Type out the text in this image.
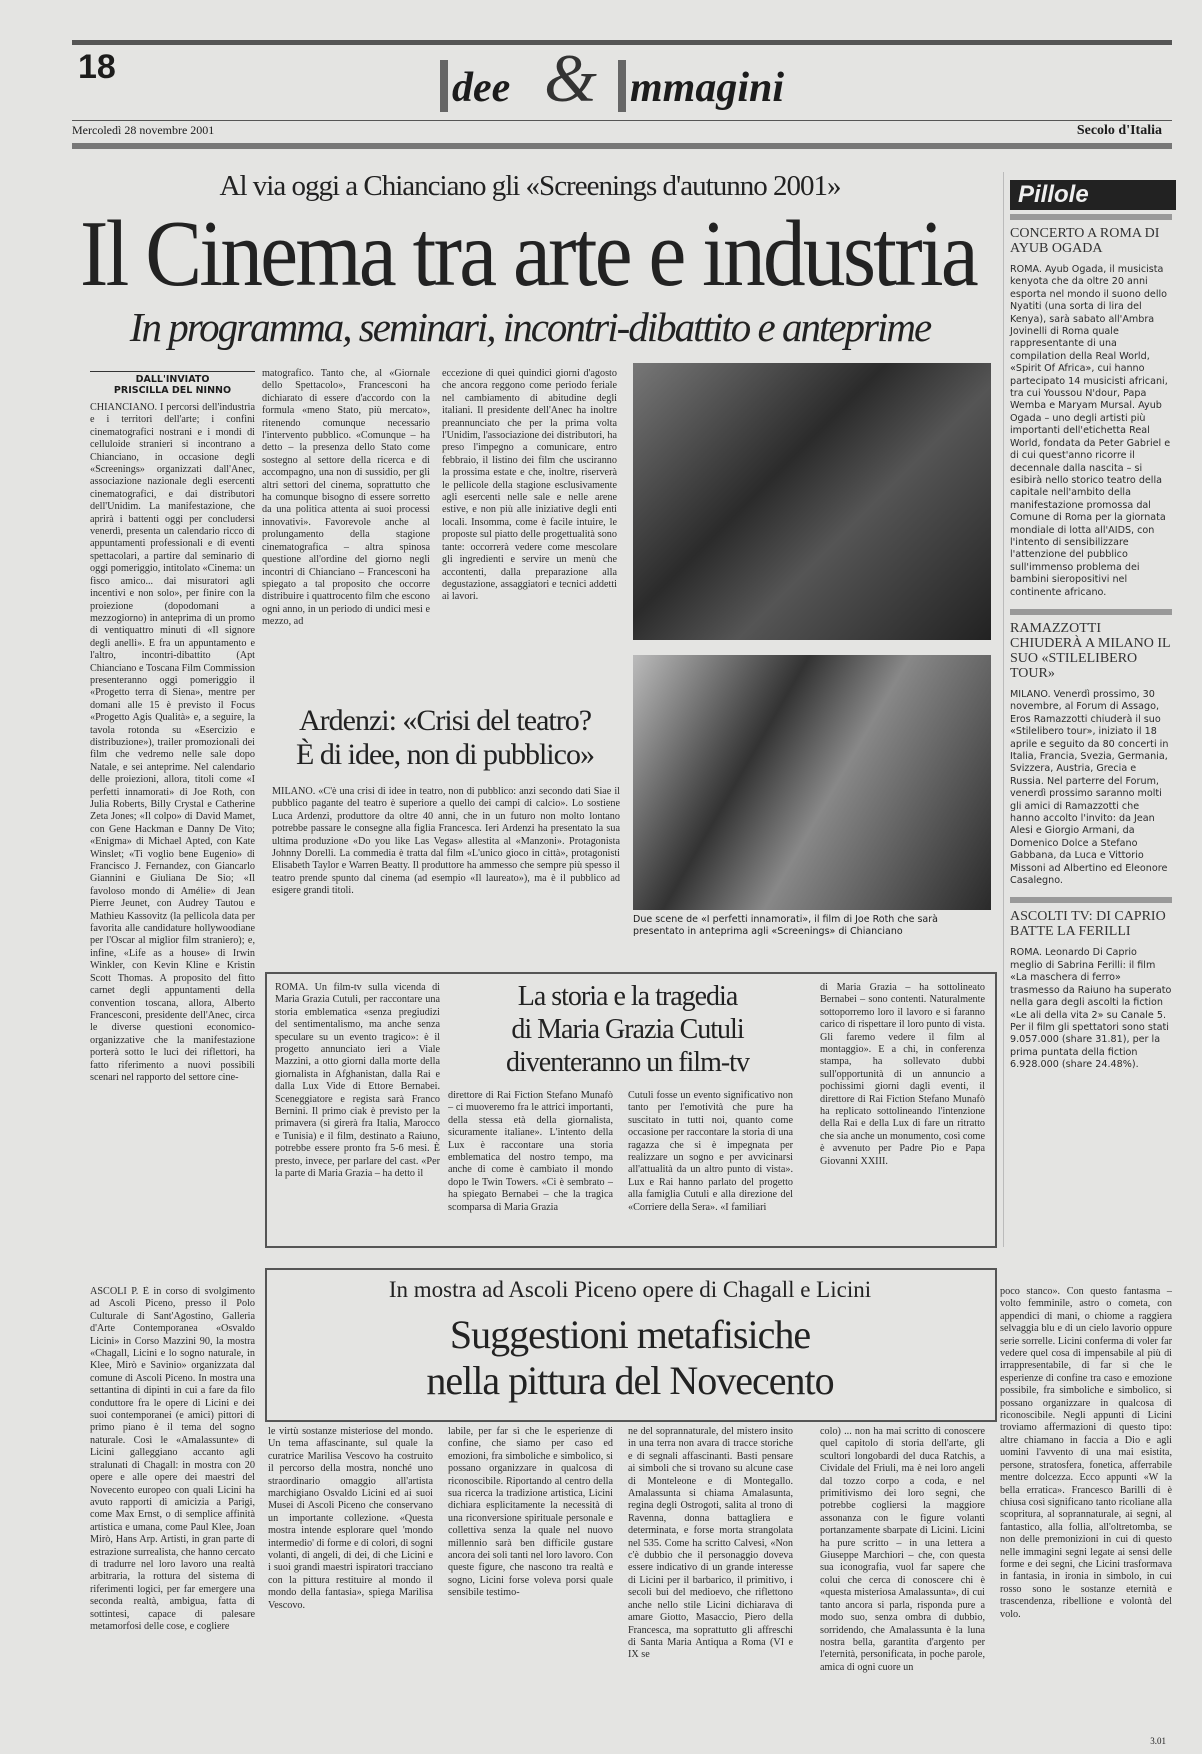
18	dee & mmagini
Mercoledì 28 novembre 2001	Secolo d'Italia
Al via oggi a Chianciano gli «Screenings d'autunno 2001»
Il Cinema tra arte e industria
In programma, seminari, incontri-dibattito e anteprime
DALL'INVIATO
PRISCILLA DEL NINNO
CHIANCIANO. I percorsi dell'industria e i territori dell'arte; i confini cinematografici nostrani e i mondi di celluloide stranieri si incontrano a Chianciano, in occasione degli «Screenings» organizzati dall'Anec, associazione nazionale degli esercenti cinematografici, e dai distributori dell'Unidim. La manifestazione, che aprirà i battenti oggi per concludersi venerdì, presenta un calendario ricco di appuntamenti professionali e di eventi spettacolari, a partire dal seminario di oggi pomeriggio, intitolato «Cinema: un fisco amico... dai misuratori agli incentivi e non solo», per finire con la proiezione (dopodomani a mezzogiorno) in anteprima di un promo di ventiquattro minuti di «Il signore degli anelli». E fra un appuntamento e l'altro, incontri-dibattito (Apt Chianciano e Toscana Film Commission presenteranno oggi pomeriggio il «Progetto terra di Siena», mentre per domani alle 15 è previsto il Focus «Progetto Agis Qualità» e, a seguire, la tavola rotonda su «Esercizio e distribuzione»), trailer promozionali dei film che vedremo nelle sale dopo Natale, e sei anteprime. Nel calendario delle proiezioni, allora, titoli come «I perfetti innamorati» di Joe Roth, con Julia Roberts, Billy Crystal e Catherine Zeta Jones; «Il colpo» di David Mamet, con Gene Hackman e Danny De Vito; «Enigma» di Michael Apted, con Kate Winslet; «Ti voglio bene Eugenio» di Francisco J. Fernandez, con Giancarlo Giannini e Giuliana De Sio; «Il favoloso mondo di Amélie» di Jean Pierre Jeunet, con Audrey Tautou e Mathieu Kassovitz (la pellicola data per favorita alle candidature hollywoodiane per l'Oscar al miglior film straniero); e, infine, «Life as a house» di Irwin Winkler, con Kevin Kline e Kristin Scott Thomas. A proposito del fitto carnet degli appuntamenti della convention toscana, allora, Alberto Francesconi, presidente dell'Anec, circa le diverse questioni economico-organizzative che la manifestazione porterà sotto le luci dei riflettori, ha fatto riferimento a nuovi possibili scenari nel rapporto del settore cine-
matografico. Tanto che, al «Giornale dello Spettacolo», Francesconi ha dichiarato di essere d'accordo con la formula «meno Stato, più mercato», ritenendo comunque necessario l'intervento pubblico. «Comunque – ha detto – la presenza dello Stato come sostegno al settore della ricerca e di accompagno, una non di sussidio, per gli altri settori del cinema, soprattutto che ha comunque bisogno di essere sorretto da una politica attenta ai suoi processi innovativi». Favorevole anche al prolungamento della stagione cinematografica – altra spinosa questione all'ordine del giorno negli incontri di Chianciano – Francesconi ha spiegato a tal proposito che occorre distribuire i quattrocento film che escono ogni anno, in un periodo di undici mesi e mezzo, ad
eccezione di quei quindici giorni d'agosto che ancora reggono come periodo feriale nel cambiamento di abitudine degli italiani. Il presidente dell'Anec ha inoltre preannunciato che per la prima volta l'Unidim, l'associazione dei distributori, ha preso l'impegno a comunicare, entro febbraio, il listino dei film che usciranno la prossima estate e che, inoltre, riserverà le pellicole della stagione esclusivamente agli esercenti nelle sale e nelle arene estive, e non più alle iniziative degli enti locali. Insomma, come è facile intuire, le proposte sul piatto delle progettualità sono tante: occorrerà vedere come mescolare gli ingredienti e servire un menù che accontenti, dalla preparazione alla degustazione, assaggiatori e tecnici addetti ai lavori.
Due scene de «I perfetti innamorati», il film di Joe Roth che sarà presentato in anteprima agli «Screenings» di Chianciano
Ardenzi: «Crisi del teatro?
È di idee, non di pubblico»
MILANO. «C'è una crisi di idee in teatro, non di pubblico: anzi secondo dati Siae il pubblico pagante del teatro è superiore a quello dei campi di calcio». Lo sostiene Luca Ardenzi, produttore da oltre 40 anni, che in un futuro non molto lontano potrebbe passare le consegne alla figlia Francesca. Ieri Ardenzi ha presentato la sua ultima produzione «Do you like Las Vegas» allestita al «Manzoni». Protagonista Johnny Dorelli. La commedia è tratta dal film «L'unico gioco in città», protagonisti Elisabeth Taylor e Warren Beatty. Il produttore ha ammesso che sempre più spesso il teatro prende spunto dal cinema (ad esempio «Il laureato»), ma è il pubblico ad esigere grandi titoli.
ROMA. Un film-tv sulla vicenda di Maria Grazia Cutuli, per raccontare una storia emblematica «senza pregiudizi del sentimentalismo, ma anche senza speculare su un evento tragico»: è il progetto annunciato ieri a Viale Mazzini, a otto giorni dalla morte della giornalista in Afghanistan, dalla Rai e dalla Lux Vide di Ettore Bernabei. Sceneggiatore e regista sarà Franco Bernini. Il primo ciak è previsto per la primavera (si girerà fra Italia, Marocco e Tunisia) e il film, destinato a Raiuno, potrebbe essere pronto fra 5-6 mesi. È presto, invece, per parlare del cast. «Per la parte di Maria Grazia – ha detto il
La storia e la tragedia
di Maria Grazia Cutuli
diventeranno un film-tv
direttore di Rai Fiction Stefano Munafò – ci muoveremo fra le attrici importanti, della stessa età della giornalista, sicuramente italiane». L'intento della Lux è raccontare una storia emblematica del nostro tempo, ma anche di come è cambiato il mondo dopo le Twin Towers. «Ci è sembrato – ha spiegato Bernabei – che la tragica scomparsa di Maria Grazia
Cutuli fosse un evento significativo non tanto per l'emotività che pure ha suscitato in tutti noi, quanto come occasione per raccontare la storia di una ragazza che si è impegnata per realizzare un sogno e per avvicinarsi all'attualità da un altro punto di vista». Lux e Rai hanno parlato del progetto alla famiglia Cutuli e alla direzione del «Corriere della Sera». «I familiari
di Maria Grazia – ha sottolineato Bernabei – sono contenti. Naturalmente sottoporremo loro il lavoro e si faranno carico di rispettare il loro punto di vista. Gli faremo vedere il film al montaggio». E a chi, in conferenza stampa, ha sollevato dubbi sull'opportunità di un annuncio a pochissimi giorni dagli eventi, il direttore di Rai Fiction Stefano Munafò ha replicato sottolineando l'intenzione della Rai e della Lux di fare un ritratto che sia anche un monumento, così come è avvenuto per Padre Pio e Papa Giovanni XXIII.
Pillole
CONCERTO A ROMA DI AYUB OGADA
ROMA. Ayub Ogada, il musicista kenyota che da oltre 20 anni esporta nel mondo il suono dello Nyatiti (una sorta di lira del Kenya), sarà sabato all'Ambra Jovinelli di Roma quale rappresentante di una compilation della Real World, «Spirit Of Africa», cui hanno partecipato 14 musicisti africani, tra cui Youssou N'dour, Papa Wemba e Maryam Mursal. Ayub Ogada – uno degli artisti più importanti dell'etichetta Real World, fondata da Peter Gabriel e di cui quest'anno ricorre il decennale dalla nascita – si esibirà nello storico teatro della capitale nell'ambito della manifestazione promossa dal Comune di Roma per la giornata mondiale di lotta all'AIDS, con l'intento di sensibilizzare l'attenzione del pubblico sull'immenso problema dei bambini sieropositivi nel continente africano.
RAMAZZOTTI CHIUDERÀ A MILANO IL SUO «STILELIBERO TOUR»
MILANO. Venerdì prossimo, 30 novembre, al Forum di Assago, Eros Ramazzotti chiuderà il suo «Stilelibero tour», iniziato il 18 aprile e seguito da 80 concerti in Italia, Francia, Svezia, Germania, Svizzera, Austria, Grecia e Russia. Nel parterre del Forum, venerdì prossimo saranno molti gli amici di Ramazzotti che hanno accolto l'invito: da Jean Alesi e Giorgio Armani, da Domenico Dolce a Stefano Gabbana, da Luca e Vittorio Missoni ad Albertino ed Eleonore Casalegno.
ASCOLTI TV: DI CAPRIO BATTE LA FERILLI
ROMA. Leonardo Di Caprio meglio di Sabrina Ferilli: il film «La maschera di ferro» trasmesso da Raiuno ha superato nella gara degli ascolti la fiction «Le ali della vita 2» su Canale 5. Per il film gli spettatori sono stati 9.057.000 (share 31.81), per la prima puntata della fiction 6.928.000 (share 24.48%).
In mostra ad Ascoli Piceno opere di Chagall e Licini
Suggestioni metafisiche
nella pittura del Novecento
ASCOLI P. È in corso di svolgimento ad Ascoli Piceno, presso il Polo Culturale di Sant'Agostino, Galleria d'Arte Contemporanea «Osvaldo Licini» in Corso Mazzini 90, la mostra «Chagall, Licini e lo sogno naturale, in Klee, Mirò e Savinio» organizzata dal comune di Ascoli Piceno. In mostra una settantina di dipinti in cui a fare da filo conduttore fra le opere di Licini e dei suoi contemporanei (e amici) pittori di primo piano è il tema del sogno naturale. Così le «Amalassunte» di Licini galleggiano accanto agli stralunati di Chagall: in mostra con 20 opere e alle opere dei maestri del Novecento europeo con quali Licini ha avuto rapporti di amicizia a Parigi, come Max Ernst, o di semplice affinità artistica e umana, come Paul Klee, Joan Mirò, Hans Arp. Artisti, in gran parte di estrazione surrealista, che hanno cercato di tradurre nel loro lavoro una realtà arbitraria, la rottura del sistema di riferimenti logici, per far emergere una seconda realtà, ambigua, fatta di sottintesi, capace di palesare metamorfosi delle cose, e cogliere
le virtù sostanze misteriose del mondo. Un tema affascinante, sul quale la curatrice Marilisa Vescovo ha costruito il percorso della mostra, nonché uno straordinario omaggio all'artista marchigiano Osvaldo Licini ed ai suoi Musei di Ascoli Piceno che conservano un importante collezione. «Questa mostra intende esplorare quel 'mondo intermedio' di forme e di colori, di sogni volanti, di angeli, di dei, di che Licini e i suoi grandi maestri ispiratori tracciano con la pittura restituire al mondo il mondo della fantasia», spiega Marilisa Vescovo.
labile, per far sì che le esperienze di confine, che siamo per caso ed emozioni, fra simboliche e simbolico, si possano organizzare in qualcosa di riconoscibile. Riportando al centro della sua ricerca la tradizione artistica, Licini dichiara esplicitamente la necessità di una riconversione spirituale personale e collettiva senza la quale nel nuovo millennio sarà ben difficile gustare ancora dei soli tanti nel loro lavoro. Con queste figure, che nascono tra realtà e sogno, Licini forse voleva porsi quale sensibile testimo-
ne del soprannaturale, del mistero insito in una terra non avara di tracce storiche e di segnali affascinanti. Basti pensare ai simboli che si trovano su alcune case di Monteleone e di Montegallo. Amalassunta si chiama Amalasunta, regina degli Ostrogoti, salita al trono di Ravenna, donna battagliera e determinata, e forse morta strangolata nel 535. Come ha scritto Calvesi, «Non c'è dubbio che il personaggio doveva essere indicativo di un grande interesse di Licini per il barbarico, il primitivo, i secoli bui del medioevo, che riflettono anche nello stile Licini dichiarava di amare Giotto, Masaccio, Piero della Francesca, ma soprattutto gli affreschi di Santa Maria Antiqua a Roma (VI e IX se
colo) ... non ha mai scritto di conoscere quel capitolo di storia dell'arte, gli scultori longobardi del duca Ratchis, a Cividale del Friuli, ma è nei loro angeli dal tozzo corpo a coda, e nel primitivismo dei loro segni, che potrebbe cogliersi la maggiore assonanza con le figure volanti portanzamente sbarpate di Licini. Licini ha pure scritto – in una lettera a Giuseppe Marchiori – che, con questa sua iconografia, vuol far sapere che colui che cerca di conoscere chi è «questa misteriosa Amalassunta», di cui tanto ancora si parla, risponda pure a modo suo, senza ombra di dubbio, sorridendo, che Amalassunta è la luna nostra bella, garantita d'argento per l'eternità, personificata, in poche parole, amica di ogni cuore un
poco stanco». Con questo fantasma – volto femminile, astro o cometa, con appendici di mani, o chiome a raggiera selvaggia blu e di un cielo lavorio oppure serie sorrelle. Licini conferma di voler far vedere quel cosa di impensabile al più di irrappresentabile, di far sì che le esperienze di confine tra caso e emozione possibile, fra simboliche e simbolico, si possano organizzare in qualcosa di riconoscibile. Negli appunti di Licini troviamo affermazioni di questo tipo: altre chiamano in faccia a Dio e agli uomini l'avvento di una mai esistita, persone, stratosfera, fonetica, afferrabile mentre dolcezza. Ecco appunti «W la bella erratica». Francesco Barilli di è chiusa così significano tanto ricoliane alla scopritura, al soprannaturale, ai segni, al fantastico, alla follia, all'oltretomba, se non delle premonizioni in cui di questo nelle immagini segni legate ai sensi delle forme e dei segni, che Licini trasformava in fantasia, in ironia in simbolo, in cui rosso sono le sostanze eternità e trascendenza, ribellione e volontà del volo.
3.01
